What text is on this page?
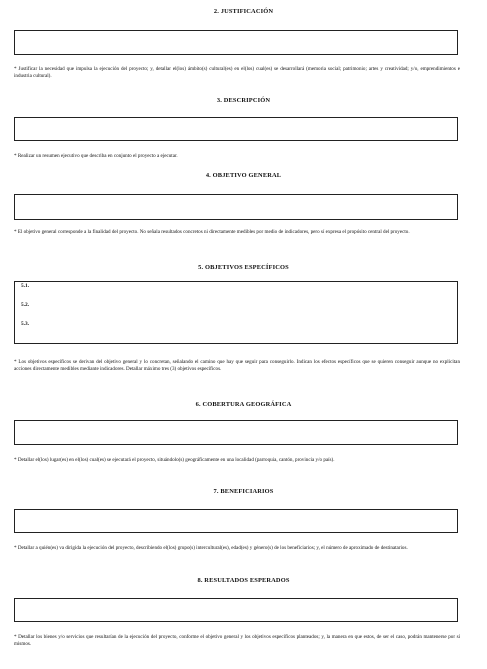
2. JUSTIFICACIÓN
* Justificar la necesidad que impulsa la ejecución del proyecto; y, detallar el(los) ámbito(s) cultural(es) en el(los) cual(es) se desarrollará (memoria social; patrimonio; artes y creatividad; y/o, emprendimientos e industria cultural).
3. DESCRIPCIÓN
* Realizar un resumen ejecutivo que describa en conjunto el proyecto a ejecutar.
4. OBJETIVO GENERAL
* El objetivo general corresponde a la finalidad del proyecto. No señala resultados concretos ni directamente medibles por medio de indicadores, pero sí expresa el propósito central del proyecto.
5. OBJETIVOS ESPECÍFICOS
5.1.
5.2.
5.3.
* Los objetivos específicos se derivan del objetivo general y lo concretan, señalando el camino que hay que seguir para conseguirlo. Indican los efectos específicos que se quieren conseguir aunque no explicitan acciones directamente medibles mediante indicadores. Detallar máximo tres (3) objetivos específicos.
6. COBERTURA GEOGRÁFICA
* Detallar el(los) lugar(es) en el(los) cual(es) se ejecutará el proyecto, situándolo(s) geográficamente en una localidad (parroquia, cantón, provincia y/o país).
7. BENEFICIARIOS
* Detallar a quién(es) va dirigida la ejecución del proyecto, describiendo el(los) grupo(s) intercultural(es), edad(es) y género(s) de los beneficiarios; y, el número de aproximado de destinatarios.
8. RESULTADOS ESPERADOS
* Detallar los bienes y/o servicios que resultarían de la ejecución del proyecto, conforme el objetivo general y los objetivos específicos planteados; y, la manera en que estos, de ser el caso, podrán mantenerse por sí mismos.
